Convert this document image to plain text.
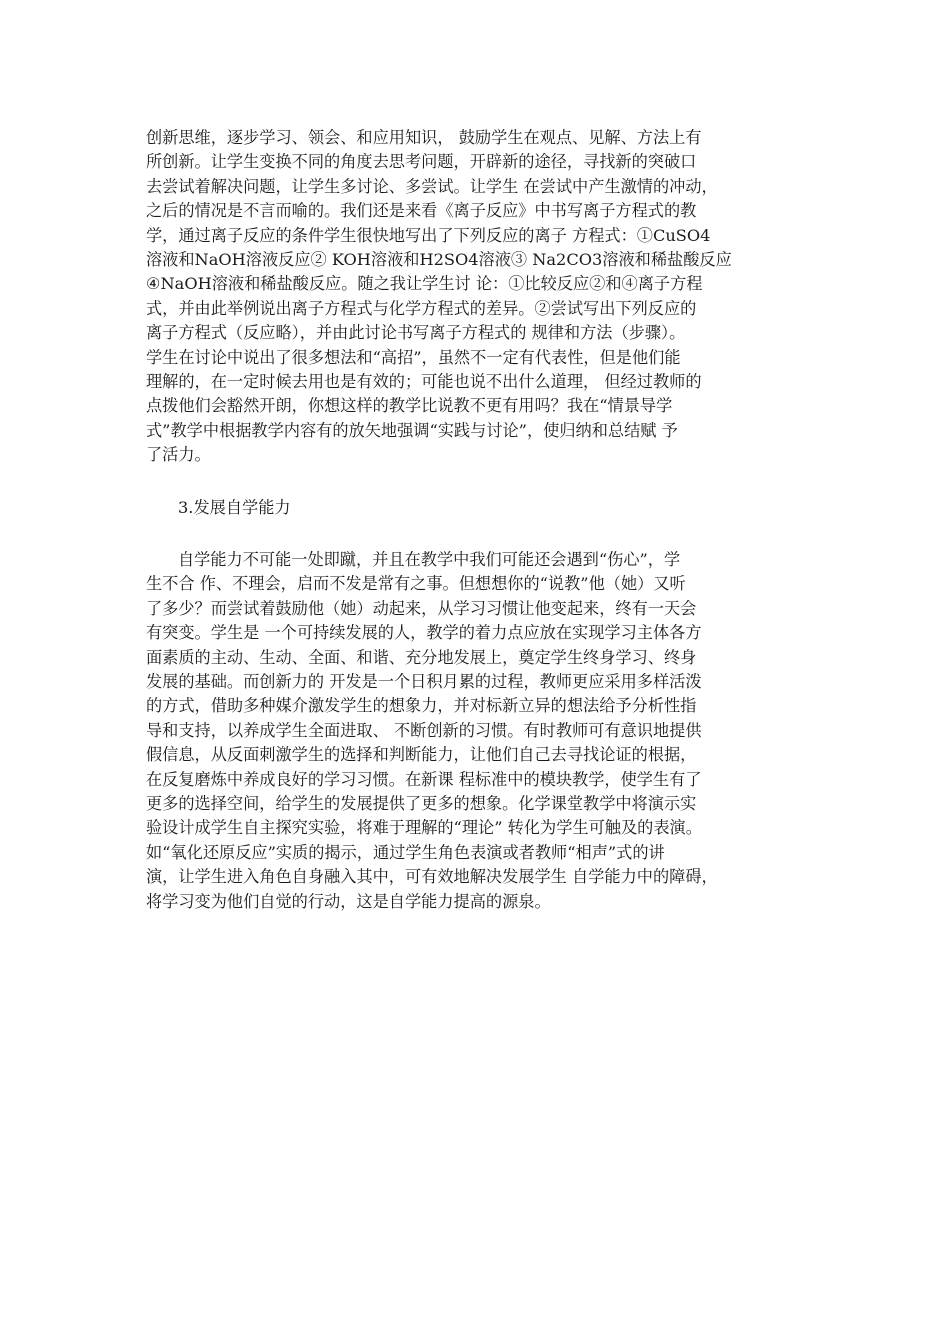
创新思维，逐步学习、领会、和应用知识， 鼓励学生在观点、见解、方法上有
所创新。让学生变换不同的角度去思考问题，开辟新的途径，寻找新的突破口
去尝试着解决问题，让学生多讨论、多尝试。让学生 在尝试中产生激情的冲动，
之后的情况是不言而喻的。我们还是来看《离子反应》中书写离子方程式的教
学，通过离子反应的条件学生很快地写出了下列反应的离子 方程式：①CuSO4
溶液和NaOH溶液反应② KOH溶液和H2SO4溶液③ Na2CO3溶液和稀盐酸反应
④NaOH溶液和稀盐酸反应。随之我让学生讨 论：①比较反应②和④离子方程
式，并由此举例说出离子方程式与化学方程式的差异。②尝试写出下列反应的
离子方程式（反应略），并由此讨论书写离子方程式的 规律和方法（步骤）。
学生在讨论中说出了很多想法和“高招”，虽然不一定有代表性，但是他们能
理解的，在一定时候去用也是有效的；可能也说不出什么道理， 但经过教师的
点拨他们会豁然开朗，你想这样的教学比说教不更有用吗？我在“情景导学
式”教学中根据教学内容有的放矢地强调“实践与讨论”，使归纳和总结赋 予
了活力。
3.发展自学能力
自学能力不可能一处即蹴，并且在教学中我们可能还会遇到“伤心”，学
生不合 作、不理会，启而不发是常有之事。但想想你的“说教”他（她）又听
了多少？而尝试着鼓励他（她）动起来，从学习习惯让他变起来，终有一天会
有突变。学生是 一个可持续发展的人，教学的着力点应放在实现学习主体各方
面素质的主动、生动、全面、和谐、充分地发展上，奠定学生终身学习、终身
发展的基础。而创新力的 开发是一个日积月累的过程，教师更应采用多样活泼
的方式，借助多种媒介激发学生的想象力，并对标新立异的想法给予分析性指
导和支持，以养成学生全面进取、 不断创新的习惯。有时教师可有意识地提供
假信息，从反面刺激学生的选择和判断能力，让他们自己去寻找论证的根据，
在反复磨炼中养成良好的学习习惯。在新课 程标准中的模块教学，使学生有了
更多的选择空间，给学生的发展提供了更多的想象。化学课堂教学中将演示实
验设计成学生自主探究实验，将难于理解的“理论” 转化为学生可触及的表演。
如“氧化还原反应”实质的揭示，通过学生角色表演或者教师“相声”式的讲
演，让学生进入角色自身融入其中，可有效地解决发展学生 自学能力中的障碍，
将学习变为他们自觉的行动，这是自学能力提高的源泉。
